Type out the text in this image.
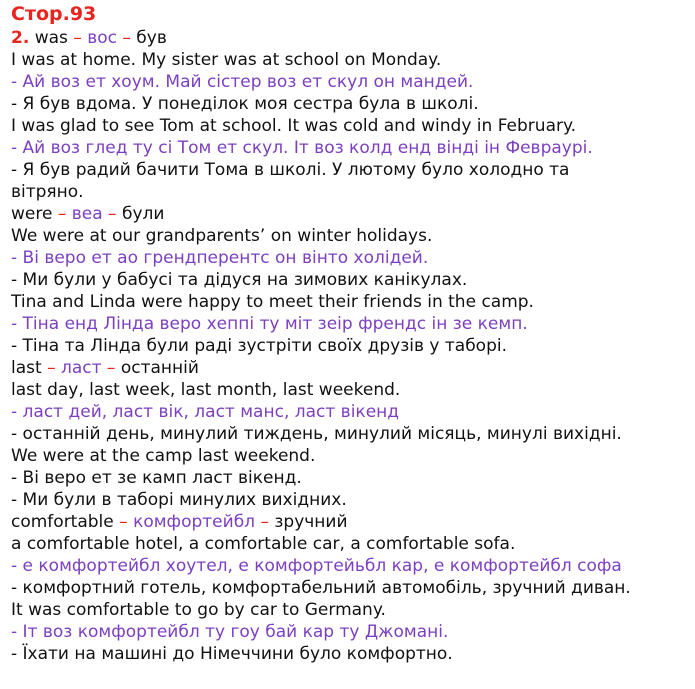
Стор.93
2. was – вос – був
I was at home. My sister was at school on Monday.
- Ай воз ет хоум. Май сістер воз ет скул он мандей.
- Я був вдома. У понеділок моя сестра була в школі.
I was glad to see Tom at school. It was cold and windy in February.
- Ай воз глед ту сі Том ет скул. Іт воз колд енд вінді ін Февраурі.
- Я був радий бачити Тома в школі. У лютому було холодно та
вітряно.
were – веа – були
We were at our grandparents’ on winter holidays.
- Ві веро ет ао грендперентс он вінто холідей.
- Ми були у бабусі та дідуся на зимових канікулах.
Tina and Linda were happy to meet their friends in the camp.
- Тіна енд Лінда веро хеппі ту міт зеір френдс ін зе кемп.
- Тіна та Лінда були раді зустріти своїх друзів у таборі.
last – ласт – останній
last day, last week, last month, last weekend.
- ласт дей, ласт вік, ласт манс, ласт вікенд
- останній день, минулий тиждень, минулий місяць, минулі вихідні.
We were at the camp last weekend.
- Ві веро ет зе камп ласт вікенд.
- Ми були в таборі минулих вихідних.
comfortable – комфортейбл – зручний
a comfortable hotel, a comfortable car, a comfortable sofa.
- е комфортейбл хоутел, е комфортейьбл кар, е комфортейбл софа
- комфортний готель, комфортабельний автомобіль, зручний диван.
It was comfortable to go by car to Germany.
- Іт воз комфортейбл ту гоу бай кар ту Джомані.
- Їхати на машині до Німеччини було комфортно.
